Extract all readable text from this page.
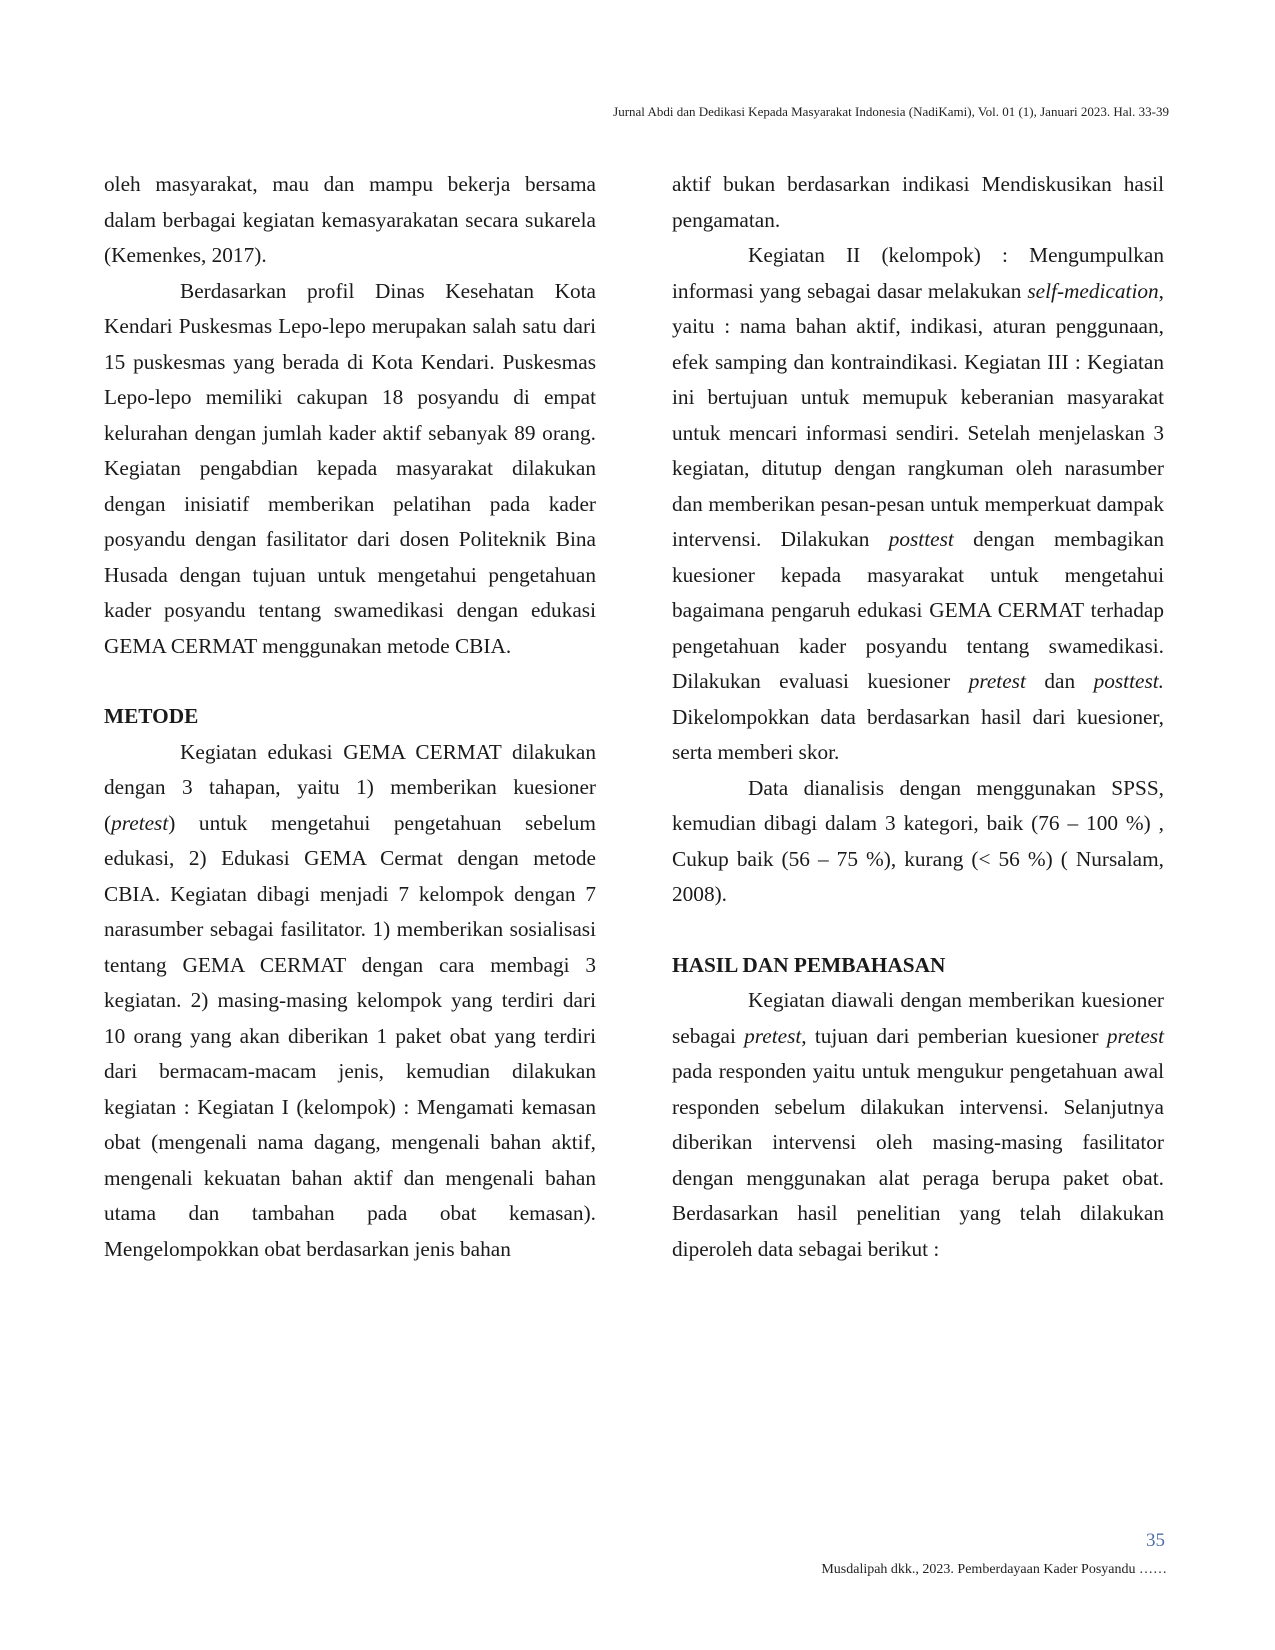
Jurnal Abdi dan Dedikasi Kepada Masyarakat Indonesia (NadiKami), Vol. 01 (1), Januari 2023. Hal. 33-39

oleh masyarakat, mau dan mampu bekerja bersama dalam berbagai kegiatan kemasyarakatan secara sukarela (Kemenkes, 2017).

Berdasarkan profil Dinas Kesehatan Kota Kendari Puskesmas Lepo-lepo merupakan salah satu dari 15 puskesmas yang berada di Kota Kendari. Puskesmas Lepo-lepo memiliki cakupan 18 posyandu di empat kelurahan dengan jumlah kader aktif sebanyak 89 orang. Kegiatan pengabdian kepada masyarakat dilakukan dengan inisiatif memberikan pelatihan pada kader posyandu dengan fasilitator dari dosen Politeknik Bina Husada dengan tujuan untuk mengetahui pengetahuan kader posyandu tentang swamedikasi dengan edukasi GEMA CERMAT menggunakan metode CBIA.

METODE

Kegiatan edukasi GEMA CERMAT dilakukan dengan 3 tahapan, yaitu 1) memberikan kuesioner (pretest) untuk mengetahui pengetahuan sebelum edukasi, 2) Edukasi GEMA Cermat dengan metode CBIA. Kegiatan dibagi menjadi 7 kelompok dengan 7 narasumber sebagai fasilitator. 1) memberikan sosialisasi tentang GEMA CERMAT dengan cara membagi 3 kegiatan. 2) masing-masing kelompok yang terdiri dari 10 orang yang akan diberikan 1 paket obat yang terdiri dari bermacam-macam jenis, kemudian dilakukan kegiatan : Kegiatan I (kelompok) : Mengamati kemasan obat (mengenali nama dagang, mengenali bahan aktif, mengenali kekuatan bahan aktif dan mengenali bahan utama dan tambahan pada obat kemasan). Mengelompokkan obat berdasarkan jenis bahan

aktif bukan berdasarkan indikasi Mendiskusikan hasil pengamatan.

Kegiatan II (kelompok) : Mengumpulkan informasi yang sebagai dasar melakukan self-medication, yaitu : nama bahan aktif, indikasi, aturan penggunaan, efek samping dan kontraindikasi. Kegiatan III : Kegiatan ini bertujuan untuk memupuk keberanian masyarakat untuk mencari informasi sendiri. Setelah menjelaskan 3 kegiatan, ditutup dengan rangkuman oleh narasumber dan memberikan pesan-pesan untuk memperkuat dampak intervensi. Dilakukan posttest dengan membagikan kuesioner kepada masyarakat untuk mengetahui bagaimana pengaruh edukasi GEMA CERMAT terhadap pengetahuan kader posyandu tentang swamedikasi. Dilakukan evaluasi kuesioner pretest dan posttest. Dikelompokkan data berdasarkan hasil dari kuesioner, serta memberi skor.

Data dianalisis dengan menggunakan SPSS, kemudian dibagi dalam 3 kategori, baik (76 – 100 %) , Cukup baik (56 – 75 %), kurang (< 56 %) ( Nursalam, 2008).

HASIL DAN PEMBAHASAN

Kegiatan diawali dengan memberikan kuesioner sebagai pretest, tujuan dari pemberian kuesioner pretest pada responden yaitu untuk mengukur pengetahuan awal responden sebelum dilakukan intervensi. Selanjutnya diberikan intervensi oleh masing-masing fasilitator dengan menggunakan alat peraga berupa paket obat. Berdasarkan hasil penelitian yang telah dilakukan diperoleh data sebagai berikut :

35
Musdalipah dkk., 2023. Pemberdayaan Kader Posyandu ……
